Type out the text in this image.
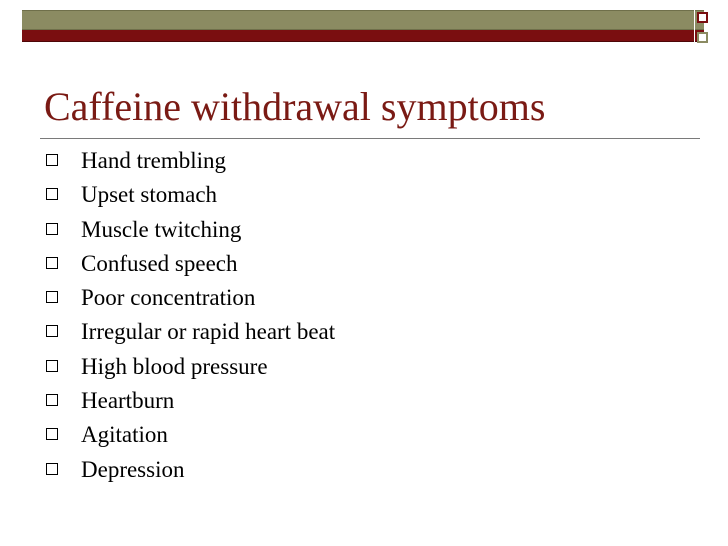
Caffeine withdrawal symptoms
Hand trembling
Upset stomach
Muscle twitching
Confused speech
Poor concentration
Irregular or rapid heart beat
High blood pressure
Heartburn
Agitation
Depression
